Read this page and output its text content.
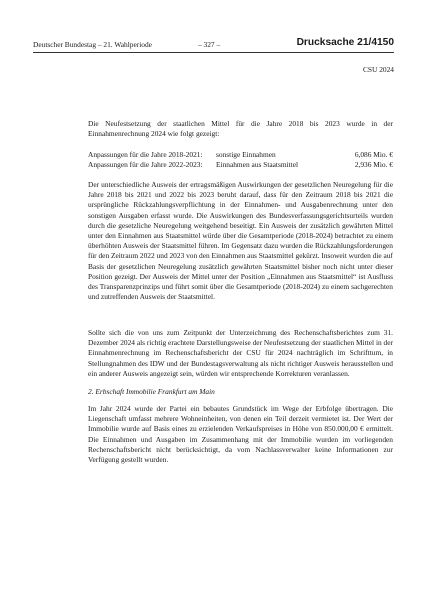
Deutscher Bundestag – 21. Wahlperiode	– 327 –	Drucksache 21/4150
CSU 2024

Die Neufestsetzung der staatlichen Mittel für die Jahre 2018 bis 2023 wurde in der Einnahmenrechnung 2024 wie folgt gezeigt:

Anpassungen für die Jahre 2018-2021: sonstige Einnahmen	6,086 Mio. €
Anpassungen für die Jahre 2022-2023: Einnahmen aus Staatsmittel	2,936 Mio. €

Der unterschiedliche Ausweis der ertragsmäßigen Auswirkungen der gesetzlichen Neuregelung für die Jahre 2018 bis 2021 und 2022 bis 2023 beruht darauf, dass für den Zeitraum 2018 bis 2021 die ursprüngliche Rückzahlungsverpflichtung in der Einnahmen- und Ausgabenrechnung unter den sonstigen Ausgaben erfasst wurde. Die Auswirkungen des Bundesverfassungsgerichtsurteils wurden durch die gesetzliche Neuregelung weitgehend beseitigt. Ein Ausweis der zusätzlich gewährten Mittel unter den Einnahmen aus Staatsmittel würde über die Gesamtperiode (2018-2024) betrachtet zu einem überhöhten Ausweis der Staatsmittel führen. Im Gegensatz dazu wurden die Rückzahlungsforderungen für den Zeitraum 2022 und 2023 von den Einnahmen aus Staatsmittel gekürzt. Insoweit wurden die auf Basis der gesetzlichen Neuregelung zusätzlich gewährten Staatsmittel bisher noch nicht unter dieser Position gezeigt. Der Ausweis der Mittel unter der Position „Einnahmen aus Staatsmittel“ ist Ausfluss des Transparenzprinzips und führt somit über die Gesamtperiode (2018-2024) zu einem sachgerechten und zutreffenden Ausweis der Staatsmittel.

Sollte sich die von uns zum Zeitpunkt der Unterzeichnung des Rechenschaftsberichtes zum 31. Dezember 2024 als richtig erachtete Darstellungsweise der Neufestsetzung der staatlichen Mittel in der Einnahmenrechnung im Rechenschaftsbericht der CSU für 2024 nachträglich im Schrifttum, in Stellungnahmen des IDW und der Bundestagsverwaltung als nicht richtiger Ausweis herausstellen und ein anderer Ausweis angezeigt sein, würden wir entsprechende Korrekturen veranlassen.

2. Erbschaft Immobilie Frankfurt am Main

Im Jahr 2024 wurde der Partei ein bebautes Grundstück im Wege der Erbfolge übertragen. Die Liegenschaft umfasst mehrere Wohneinheiten, von denen ein Teil derzeit vermietet ist. Der Wert der Immobilie wurde auf Basis eines zu erzielenden Verkaufspreises in Höhe von 850.000,00 € ermittelt. Die Einnahmen und Ausgaben im Zusammenhang mit der Immobilie wurden im vorliegenden Rechenschaftsbericht nicht berücksichtigt, da vom Nachlassverwalter keine Informationen zur Verfügung gestellt wurden.
